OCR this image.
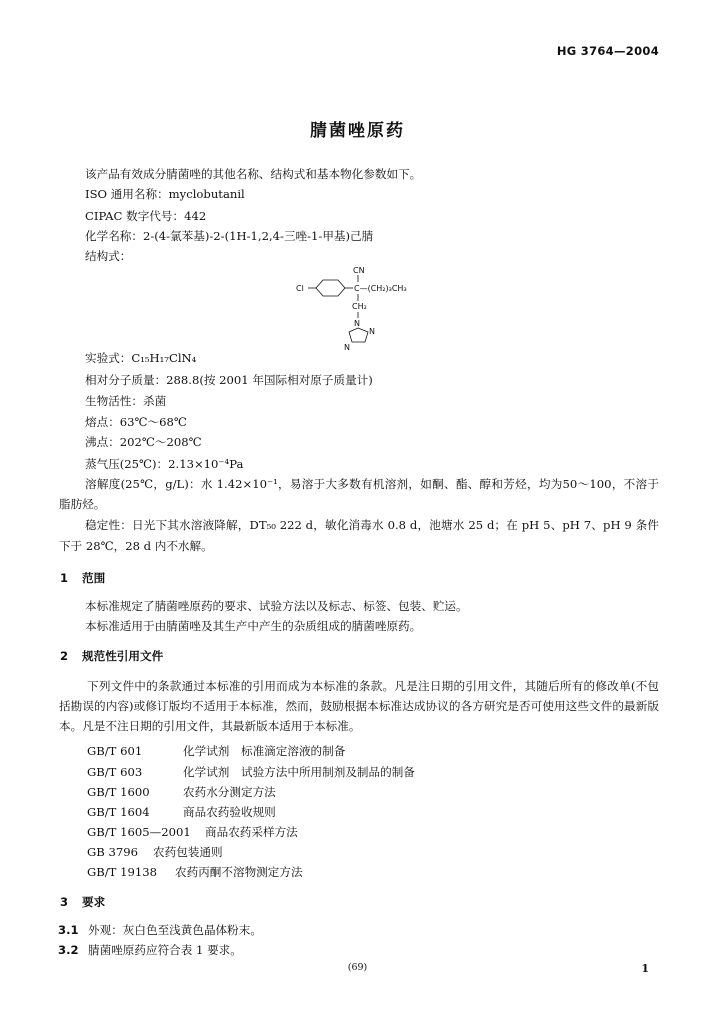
HG 3764—2004
腈菌唑原药
该产品有效成分腈菌唑的其他名称、结构式和基本物化参数如下。
ISO 通用名称：myclobutanil
CIPAC 数字代号：442
化学名称：2-(4-氯苯基)-2-(1H-1,2,4-三唑-1-甲基)己腈
结构式：
CN
Cl	C—(CH₂)₃CH₃
CH₂
N
N
N
实验式：C₁₅H₁₇ClN₄
相对分子质量：288.8(按 2001 年国际相对原子质量计)
生物活性：杀菌
熔点：63℃～68℃
沸点：202℃～208℃
蒸气压(25℃)：2.13×10⁻⁴Pa
溶解度(25℃，g/L)：水 1.42×10⁻¹，易溶于大多数有机溶剂，如酮、酯、醇和芳烃，均为50～100，不溶于脂肪烃。
稳定性：日光下其水溶液降解，DT₅₀ 222 d，敏化消毒水 0.8 d，池塘水 25 d；在 pH 5、pH 7、pH 9 条件下于 28℃，28 d 内不水解。
1 范围
本标准规定了腈菌唑原药的要求、试验方法以及标志、标签、包装、贮运。
本标准适用于由腈菌唑及其生产中产生的杂质组成的腈菌唑原药。
2 规范性引用文件
下列文件中的条款通过本标准的引用而成为本标准的条款。凡是注日期的引用文件，其随后所有的修改单(不包括勘误的内容)或修订版均不适用于本标准，然而，鼓励根据本标准达成协议的各方研究是否可使用这些文件的最新版本。凡是不注日期的引用文件，其最新版本适用于本标准。
GB/T 601	化学试剂　标准滴定溶液的制备
GB/T 603	化学试剂　试验方法中所用制剂及制品的制备
GB/T 1600	农药水分测定方法
GB/T 1604	商品农药验收规则
GB/T 1605—2001 商品农药采样方法
GB 3796 农药包装通则
GB/T 19138 农药丙酮不溶物测定方法
3 要求
3.1 外观：灰白色至浅黄色晶体粉末。
3.2 腈菌唑原药应符合表 1 要求。
(69)	1
